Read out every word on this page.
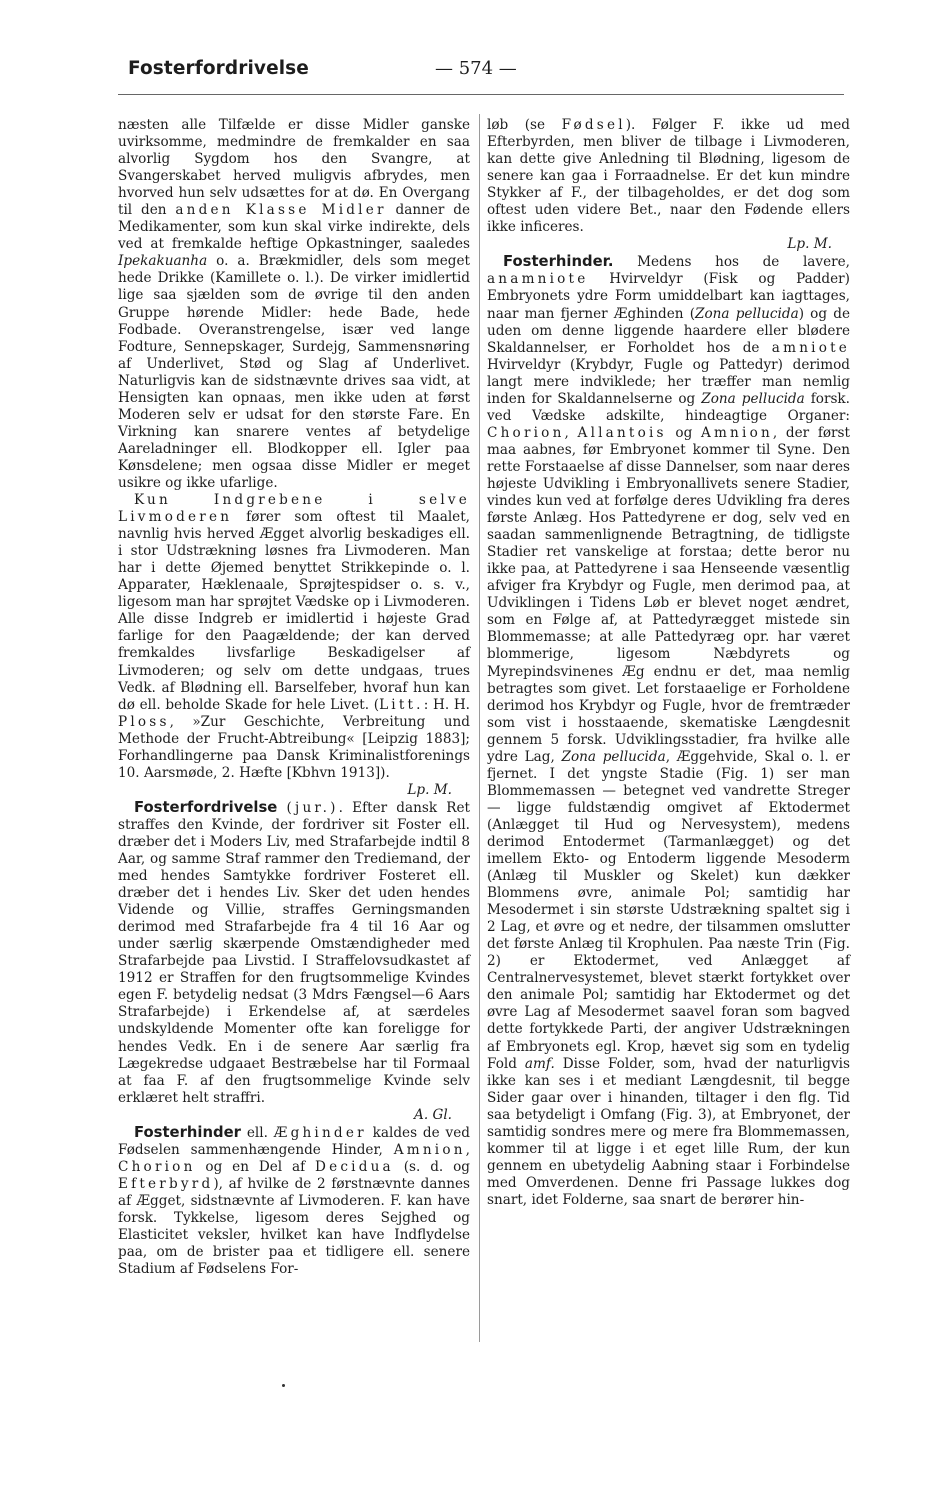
Fosterfordrivelse	— 574 —

næsten alle Tilfælde er disse Midler ganske uvirksomme, medmindre de fremkalder en saa alvorlig Sygdom hos den Svangre, at Svangerskabet herved muligvis afbrydes, men hvorved hun selv udsættes for at dø. En Overgang til den anden Klasse Midler danner de Medikamenter, som kun skal virke indirekte, dels ved at fremkalde heftige Opkastninger, saaledes Ipekakuanha o. a. Brækmidler, dels som meget hede Drikke (Kamillete o. l.). De virker imidlertid lige saa sjælden som de øvrige til den anden Gruppe hørende Midler: hede Bade, hede Fodbade. Overanstrengelse, især ved lange Fodture, Sennepskager, Surdejg, Sammensnøring af Underlivet, Stød og Slag af Underlivet. Naturligvis kan de sidstnævnte drives saa vidt, at Hensigten kan opnaas, men ikke uden at først Moderen selv er udsat for den største Fare. En Virkning kan snarere ventes af betydelige Aareladninger ell. Blodkopper ell. Igler paa Kønsdelene; men ogsaa disse Midler er meget usikre og ikke ufarlige.

Kun Indgrebene i selve Livmoderen fører som oftest til Maalet, navnlig hvis herved Ægget alvorlig beskadiges ell. i stor Udstrækning løsnes fra Livmoderen. Man har i dette Øjemed benyttet Strikkepinde o. l. Apparater, Hæklenaale, Sprøjtespidser o. s. v., ligesom man har sprøjtet Vædske op i Livmoderen. Alle disse Indgreb er imidlertid i højeste Grad farlige for den Paagældende; der kan derved fremkaldes livsfarlige Beskadigelser af Livmoderen; og selv om dette undgaas, trues Vedk. af Blødning ell. Barselfeber, hvoraf hun kan dø ell. beholde Skade for hele Livet. (Litt.: H. H. Ploss, »Zur Geschichte, Verbreitung und Methode der Frucht-Abtreibung« [Leipzig 1883]; Forhandlingerne paa Dansk Kriminalistforenings 10. Aarsmøde, 2. Hæfte [Kbhvn 1913]).

Lp. M.

Fosterfordrivelse (jur.). Efter dansk Ret straffes den Kvinde, der fordriver sit Foster ell. dræber det i Moders Liv, med Strafarbejde indtil 8 Aar, og samme Straf rammer den Trediemand, der med hendes Samtykke fordriver Fosteret ell. dræber det i hendes Liv. Sker det uden hendes Vidende og Villie, straffes Gerningsmanden derimod med Strafarbejde fra 4 til 16 Aar og under særlig skærpende Omstændigheder med Strafarbejde paa Livstid. I Straffelovsudkastet af 1912 er Straffen for den frugtsommelige Kvindes egen F. betydelig nedsat (3 Mdrs Fængsel—6 Aars Strafarbejde) i Erkendelse af, at særdeles undskyldende Momenter ofte kan foreligge for hendes Vedk. En i de senere Aar særlig fra Lægekredse udgaaet Bestræbelse har til Formaal at faa F. af den frugtsommelige Kvinde selv erklæret helt straffri.

A. Gl.

Fosterhinder ell. Æghinder kaldes de ved Fødselen sammenhængende Hinder, Amnion, Chorion og en Del af Decidua (s. d. og Efterbyrd), af hvilke de 2 førstnævnte dannes af Ægget, sidstnævnte af Livmoderen. F. kan have forsk. Tykkelse, ligesom deres Sejghed og Elasticitet veksler, hvilket kan have Indflydelse paa, om de brister paa et tidligere ell. senere Stadium af Fødselens For-

løb (se Fødsel). Følger F. ikke ud med Efterbyrden, men bliver de tilbage i Livmoderen, kan dette give Anledning til Blødning, ligesom de senere kan gaa i Forraadnelse. Er det kun mindre Stykker af F., der tilbageholdes, er det dog som oftest uden videre Bet., naar den Fødende ellers ikke inficeres.

Lp. M.

Fosterhinder. Medens hos de lavere, anamniote Hvirveldyr (Fisk og Padder) Embryonets ydre Form umiddelbart kan iagttages, naar man fjerner Æghinden (Zona pellucida) og de uden om denne liggende haardere eller blødere Skaldannelser, er Forholdet hos de amniote Hvirveldyr (Krybdyr, Fugle og Pattedyr) derimod langt mere indviklede; her træffer man nemlig inden for Skaldannelserne og Zona pellucida forsk. ved Vædske adskilte, hindeagtige Organer: Chorion, Allantois og Amnion, der først maa aabnes, før Embryonet kommer til Syne. Den rette Forstaaelse af disse Dannelser, som naar deres højeste Udvikling i Embryonallivets senere Stadier, vindes kun ved at forfølge deres Udvikling fra deres første Anlæg. Hos Pattedyrene er dog, selv ved en saadan sammenlignende Betragtning, de tidligste Stadier ret vanskelige at forstaa; dette beror nu ikke paa, at Pattedyrene i saa Henseende væsentlig afviger fra Krybdyr og Fugle, men derimod paa, at Udviklingen i Tidens Løb er blevet noget ændret, som en Følge af, at Pattedyrægget mistede sin Blommemasse; at alle Pattedyræg opr. har været blommerige, ligesom Næbdyrets og Myrepindsvinenes Æg endnu er det, maa nemlig betragtes som givet. Let forstaaelige er Forholdene derimod hos Krybdyr og Fugle, hvor de fremtræder som vist i hosstaaende, skematiske Længdesnit gennem 5 forsk. Udviklingsstadier, fra hvilke alle ydre Lag, Zona pellucida, Æggehvide, Skal o. l. er fjernet. I det yngste Stadie (Fig. 1) ser man Blommemassen — betegnet ved vandrette Streger — ligge fuldstændig omgivet af Ektodermet (Anlægget til Hud og Nervesystem), medens derimod Entodermet (Tarmanlægget) og det imellem Ekto- og Entoderm liggende Mesoderm (Anlæg til Muskler og Skelet) kun dækker Blommens øvre, animale Pol; samtidig har Mesodermet i sin største Udstrækning spaltet sig i 2 Lag, et øvre og et nedre, der tilsammen omslutter det første Anlæg til Krophulen. Paa næste Trin (Fig. 2) er Ektodermet, ved Anlægget af Centralnervesystemet, blevet stærkt fortykket over den animale Pol; samtidig har Ektodermet og det øvre Lag af Mesodermet saavel foran som bagved dette fortykkede Parti, der angiver Udstrækningen af Embryonets egl. Krop, hævet sig som en tydelig Fold amf. Disse Folder, som, hvad der naturligvis ikke kan ses i et mediant Længdesnit, til begge Sider gaar over i hinanden, tiltager i den flg. Tid saa betydeligt i Omfang (Fig. 3), at Embryonet, der samtidig sondres mere og mere fra Blommemassen, kommer til at ligge i et eget lille Rum, der kun gennem en ubetydelig Aabning staar i Forbindelse med Omverdenen. Denne fri Passage lukkes dog snart, idet Folderne, saa snart de berører hin-
